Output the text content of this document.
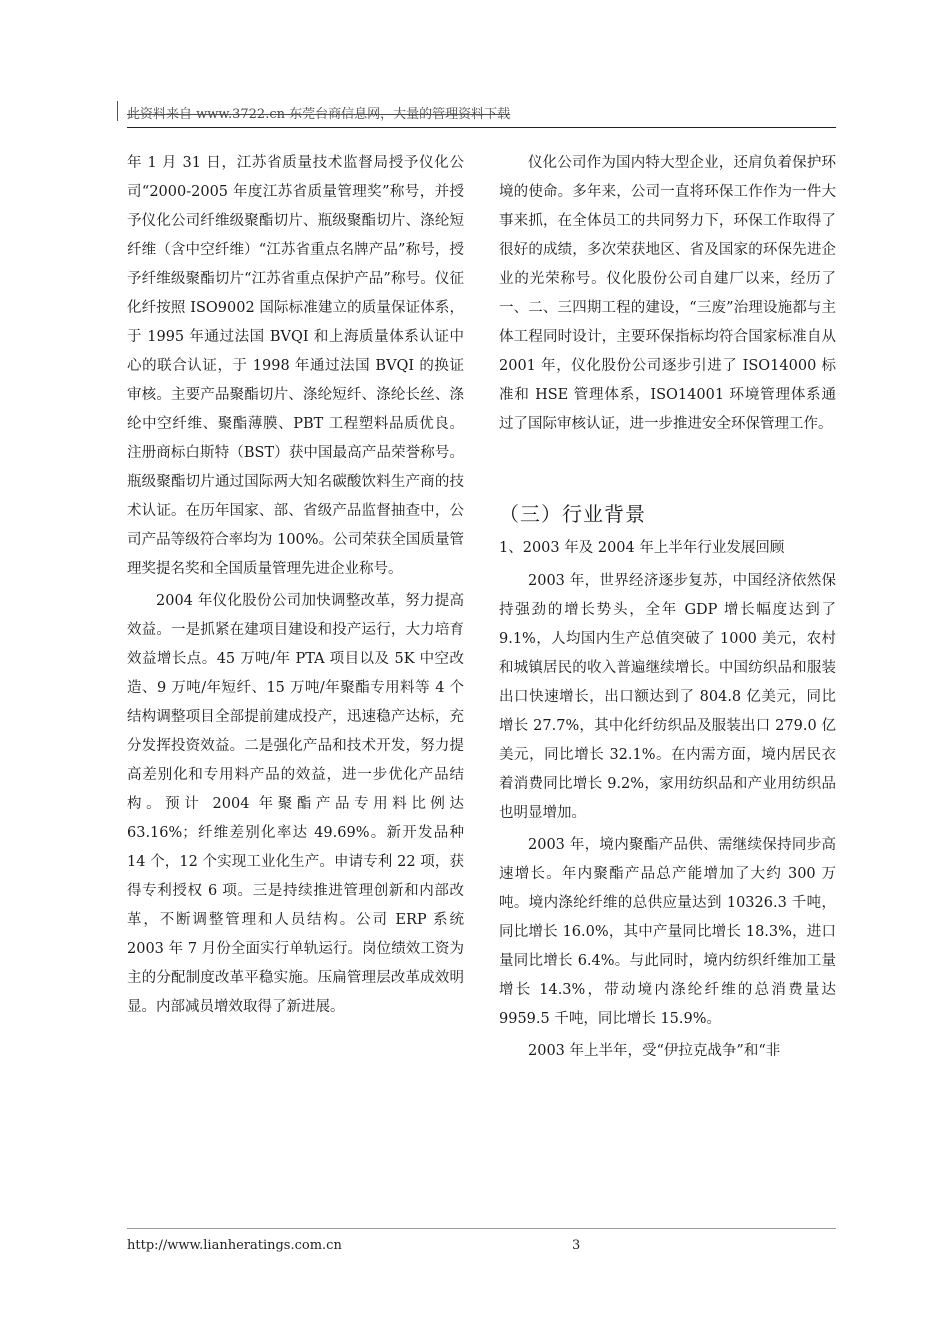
此资料来自 www.3722.cn 东莞台商信息网，大量的管理资料下载

年 1 月 31 日，江苏省质量技术监督局授予仪化公司“2000-2005 年度江苏省质量管理奖”称号，并授予仪化公司纤维级聚酯切片、瓶级聚酯切片、涤纶短纤维（含中空纤维）“江苏省重点名牌产品”称号，授予纤维级聚酯切片“江苏省重点保护产品”称号。仪征化纤按照 ISO9002 国际标准建立的质量保证体系，于 1995 年通过法国 BVQI 和上海质量体系认证中心的联合认证，于 1998 年通过法国 BVQI 的换证审核。主要产品聚酯切片、涤纶短纤、涤纶长丝、涤纶中空纤维、聚酯薄膜、PBT 工程塑料品质优良。注册商标白斯特（BST）获中国最高产品荣誉称号。瓶级聚酯切片通过国际两大知名碳酸饮料生产商的技术认证。在历年国家、部、省级产品监督抽查中，公司产品等级符合率均为 100%。公司荣获全国质量管理奖提名奖和全国质量管理先进企业称号。

2004 年仪化股份公司加快调整改革，努力提高效益。一是抓紧在建项目建设和投产运行，大力培育效益增长点。45 万吨/年 PTA 项目以及 5K 中空改造、9 万吨/年短纤、15 万吨/年聚酯专用料等 4 个结构调整项目全部提前建成投产，迅速稳产达标，充分发挥投资效益。二是强化产品和技术开发，努力提高差别化和专用料产品的效益，进一步优化产品结构。预计 2004 年聚酯产品专用料比例达 63.16%；纤维差别化率达 49.69%。新开发品种 14 个，12 个实现工业化生产。申请专利 22 项，获得专利授权 6 项。三是持续推进管理创新和内部改革，不断调整管理和人员结构。公司 ERP 系统 2003 年 7 月份全面实行单轨运行。岗位绩效工资为主的分配制度改革平稳实施。压扁管理层改革成效明显。内部减员增效取得了新进展。

仪化公司作为国内特大型企业，还肩负着保护环境的使命。多年来，公司一直将环保工作作为一件大事来抓，在全体员工的共同努力下，环保工作取得了很好的成绩，多次荣获地区、省及国家的环保先进企业的光荣称号。仪化股份公司自建厂以来，经历了一、二、三四期工程的建设，“三废”治理设施都与主体工程同时设计，主要环保指标均符合国家标准自从 2001 年，仪化股份公司逐步引进了 ISO14000 标准和 HSE 管理体系，ISO14001 环境管理体系通过了国际审核认证，进一步推进安全环保管理工作。

（三）行业背景
1、2003 年及 2004 年上半年行业发展回顾

2003 年，世界经济逐步复苏，中国经济依然保持强劲的增长势头，全年 GDP 增长幅度达到了 9.1%，人均国内生产总值突破了 1000 美元，农村和城镇居民的收入普遍继续增长。中国纺织品和服装出口快速增长，出口额达到了 804.8 亿美元，同比增长 27.7%，其中化纤纺织品及服装出口 279.0 亿美元，同比增长 32.1%。在内需方面，境内居民衣着消费同比增长 9.2%，家用纺织品和产业用纺织品也明显增加。

2003 年，境内聚酯产品供、需继续保持同步高速增长。年内聚酯产品总产能增加了大约 300 万吨。境内涤纶纤维的总供应量达到 10326.3 千吨，同比增长 16.0%，其中产量同比增长 18.3%，进口量同比增长 6.4%。与此同时，境内纺织纤维加工量增长 14.3%，带动境内涤纶纤维的总消费量达 9959.5 千吨，同比增长 15.9%。

2003 年上半年，受“伊拉克战争”和“非

http://www.lianheratings.com.cn	3
